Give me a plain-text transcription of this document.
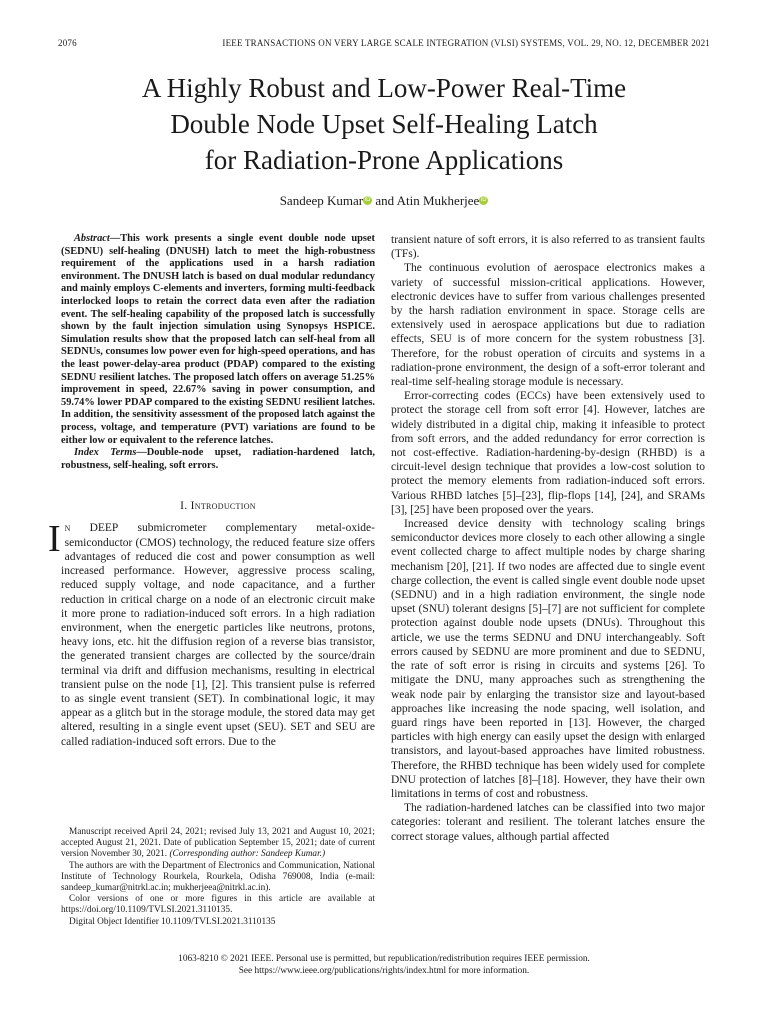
2076	IEEE TRANSACTIONS ON VERY LARGE SCALE INTEGRATION (VLSI) SYSTEMS, VOL. 29, NO. 12, DECEMBER 2021
A Highly Robust and Low-Power Real-Time
Double Node Upset Self-Healing Latch
for Radiation-Prone Applications
Sandeep Kumar iD and Atin Mukherjee iD

Abstract—This work presents a single event double node upset (SEDNU) self-healing (DNUSH) latch to meet the high-robustness requirement of the applications used in a harsh radiation environment. The DNUSH latch is based on dual modular redundancy and mainly employs C-elements and inverters, forming multi-feedback interlocked loops to retain the correct data even after the radiation event. The self-healing capability of the proposed latch is successfully shown by the fault injection simulation using Synopsys HSPICE. Simulation results show that the proposed latch can self-heal from all SEDNUs, consumes low power even for high-speed operations, and has the least power-delay-area product (PDAP) compared to the existing SEDNU resilient latches. The proposed latch offers on average 51.25% improvement in speed, 22.67% saving in power consumption, and 59.74% lower PDAP compared to the existing SEDNU resilient latches. In addition, the sensitivity assessment of the proposed latch against the process, voltage, and temperature (PVT) variations are found to be either low or equivalent to the reference latches.

Index Terms—Double-node upset, radiation-hardened latch, robustness, self-healing, soft errors.

I. Introduction

In DEEP submicrometer complementary metal-oxide-semiconductor (CMOS) technology, the reduced feature size offers advantages of reduced die cost and power consumption as well increased performance. However, aggressive process scaling, reduced supply voltage, and node capacitance, and a further reduction in critical charge on a node of an electronic circuit make it more prone to radiation-induced soft errors. In a high radiation environment, when the energetic particles like neutrons, protons, heavy ions, etc. hit the diffusion region of a reverse bias transistor, the generated transient charges are collected by the source/drain terminal via drift and diffusion mechanisms, resulting in electrical transient pulse on the node [1], [2]. This transient pulse is referred to as single event transient (SET). In combinational logic, it may appear as a glitch but in the storage module, the stored data may get altered, resulting in a single event upset (SEU). SET and SEU are called radiation-induced soft errors. Due to the

Manuscript received April 24, 2021; revised July 13, 2021 and August 10, 2021; accepted August 21, 2021. Date of publication September 15, 2021; date of current version November 30, 2021. (Corresponding author: Sandeep Kumar.)

The authors are with the Department of Electronics and Communication, National Institute of Technology Rourkela, Rourkela, Odisha 769008, India (e-mail: sandeep_kumar@nitrkl.ac.in; mukherjeea@nitrkl.ac.in).

Color versions of one or more figures in this article are available at https://doi.org/10.1109/TVLSI.2021.3110135.

Digital Object Identifier 10.1109/TVLSI.2021.3110135

transient nature of soft errors, it is also referred to as transient faults (TFs).

The continuous evolution of aerospace electronics makes a variety of successful mission-critical applications. However, electronic devices have to suffer from various challenges presented by the harsh radiation environment in space. Storage cells are extensively used in aerospace applications but due to radiation effects, SEU is of more concern for the system robustness [3]. Therefore, for the robust operation of circuits and systems in a radiation-prone environment, the design of a soft-error tolerant and real-time self-healing storage module is necessary.

Error-correcting codes (ECCs) have been extensively used to protect the storage cell from soft error [4]. However, latches are widely distributed in a digital chip, making it infeasible to protect from soft errors, and the added redundancy for error correction is not cost-effective. Radiation-hardening-by-design (RHBD) is a circuit-level design technique that provides a low-cost solution to protect the memory elements from radiation-induced soft errors. Various RHBD latches [5]–[23], flip-flops [14], [24], and SRAMs [3], [25] have been proposed over the years.

Increased device density with technology scaling brings semiconductor devices more closely to each other allowing a single event collected charge to affect multiple nodes by charge sharing mechanism [20], [21]. If two nodes are affected due to single event charge collection, the event is called single event double node upset (SEDNU) and in a high radiation environment, the single node upset (SNU) tolerant designs [5]–[7] are not sufficient for complete protection against double node upsets (DNUs). Throughout this article, we use the terms SEDNU and DNU interchangeably. Soft errors caused by SEDNU are more prominent and due to SEDNU, the rate of soft error is rising in circuits and systems [26]. To mitigate the DNU, many approaches such as strengthening the weak node pair by enlarging the transistor size and layout-based approaches like increasing the node spacing, well isolation, and guard rings have been reported in [13]. However, the charged particles with high energy can easily upset the design with enlarged transistors, and layout-based approaches have limited robustness. Therefore, the RHBD technique has been widely used for complete DNU protection of latches [8]–[18]. However, they have their own limitations in terms of cost and robustness.

The radiation-hardened latches can be classified into two major categories: tolerant and resilient. The tolerant latches ensure the correct storage values, although partial affected

1063-8210 © 2021 IEEE. Personal use is permitted, but republication/redistribution requires IEEE permission.
See https://www.ieee.org/publications/rights/index.html for more information.
